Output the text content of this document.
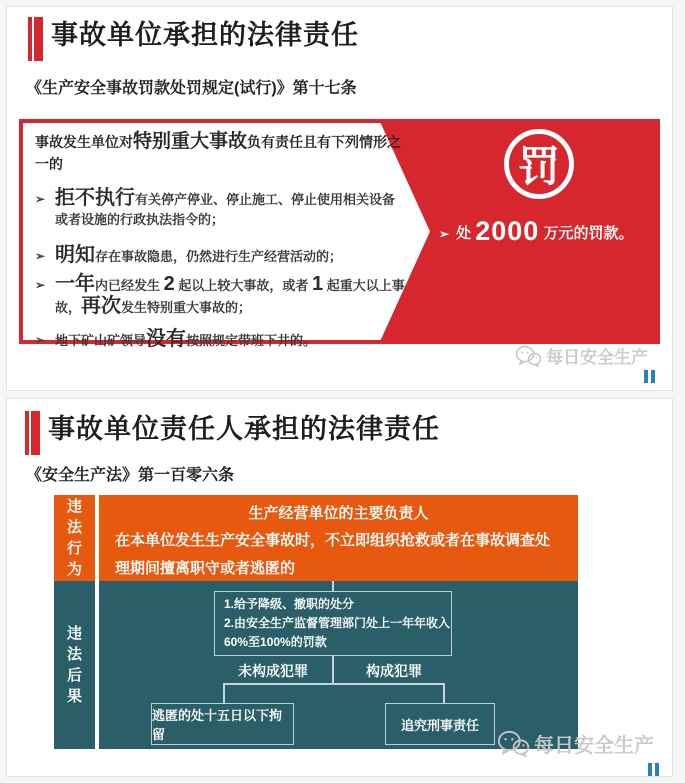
事故单位承担的法律责任
《生产安全事故罚款处罚规定(试行)》第十七条
事故发生单位对特别重大事故负有责任且有下列情形之一的
➢ 拒不执行有关停产停业、停止施工、停止使用相关设备或者设施的行政执法指令的；
➢ 明知存在事故隐患，仍然进行生产经营活动的；
➢ 一年内已经发生 2 起以上较大事故，或者 1 起重大以上事故，再次发生特别重大事故的；
➢ 地下矿山矿领导没有按照规定带班下井的。
罚
➢ 处 2000 万元的罚款。
每日安全生产
事故单位责任人承担的法律责任
《安全生产法》第一百零六条
违法行为
生产经营单位的主要负责人
在本单位发生生产安全事故时，不立即组织抢救或者在事故调查处理期间擅离职守或者逃匿的
违法后果
1.给予降级、撤职的处分
2.由安全生产监督管理部门处上一年年收入
60%至100%的罚款
未构成犯罪	构成犯罪
逃匿的处十五日以下拘留
追究刑事责任
每日安全生产
